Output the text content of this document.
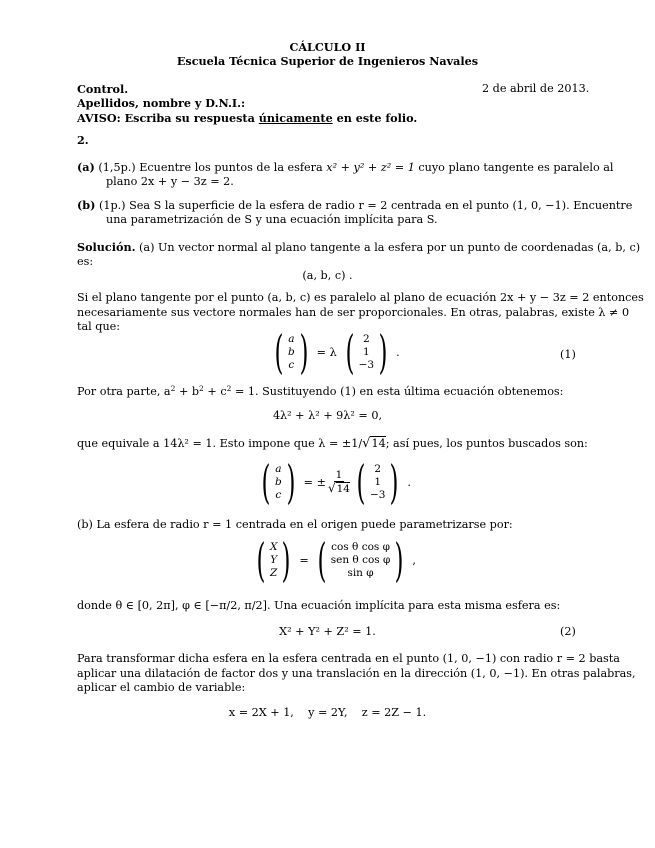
CÁLCULO II
Escuela Técnica Superior de Ingenieros Navales
Control.	2 de abril de 2013.
Apellidos, nombre y D.N.I.:
AVISO: Escriba su respuesta únicamente en este folio.
2.
(a) (1,5p.) Ecuentre los puntos de la esfera x² + y² + z² = 1 cuyo plano tangente es paralelo al
plano 2x + y − 3z = 2.
(b) (1p.) Sea S la superficie de la esfera de radio r = 2 centrada en el punto (1, 0, −1). Encuentre
una parametrización de S y una ecuación implícita para S.
Solución. (a) Un vector normal al plano tangente a la esfera por un punto de coordenadas (a, b, c)
es:
(a, b, c) .
Si el plano tangente por el punto (a, b, c) es paralelo al plano de ecuación 2x + y − 3z = 2 entonces
necesariamente sus vectore normales han de ser proporcionales. En otras, palabras, existe λ ≠ 0
tal que:	( a
b
c ) = λ ( 2
1
−3 ) .	(1)
Por otra parte, $a^2 + b^2 + c^2 = 1$. Sustituyendo (1) en esta última ecuación obtenemos:
4λ² + λ² + 9λ² = 0,
que equivale a 14λ² = 1. Esto impone que λ = ±1/√14; así pues, los puntos buscados son:
( a
b
c ) = ± $\frac{1}{√14}$ ( 2
1
−3 ) .
(b) La esfera de radio r = 1 centrada en el origen puede parametrizarse por:
( X
Y
Z ) = ( cos θ cos φ
sen θ cos φ
sin φ ) ,
donde θ ∈ [0, 2π], φ ∈ [−π/2, π/2]. Una ecuación implícita para esta misma esfera es:
X² + Y² + Z² = 1.	(2)
Para transformar dicha esfera en la esfera centrada en el punto (1, 0, −1) con radio r = 2 basta
aplicar una dilatación de factor dos y una translación en la dirección (1, 0, −1). En otras palabras,
aplicar el cambio de variable:
x = 2X + 1,    y = 2Y,    z = 2Z − 1.
